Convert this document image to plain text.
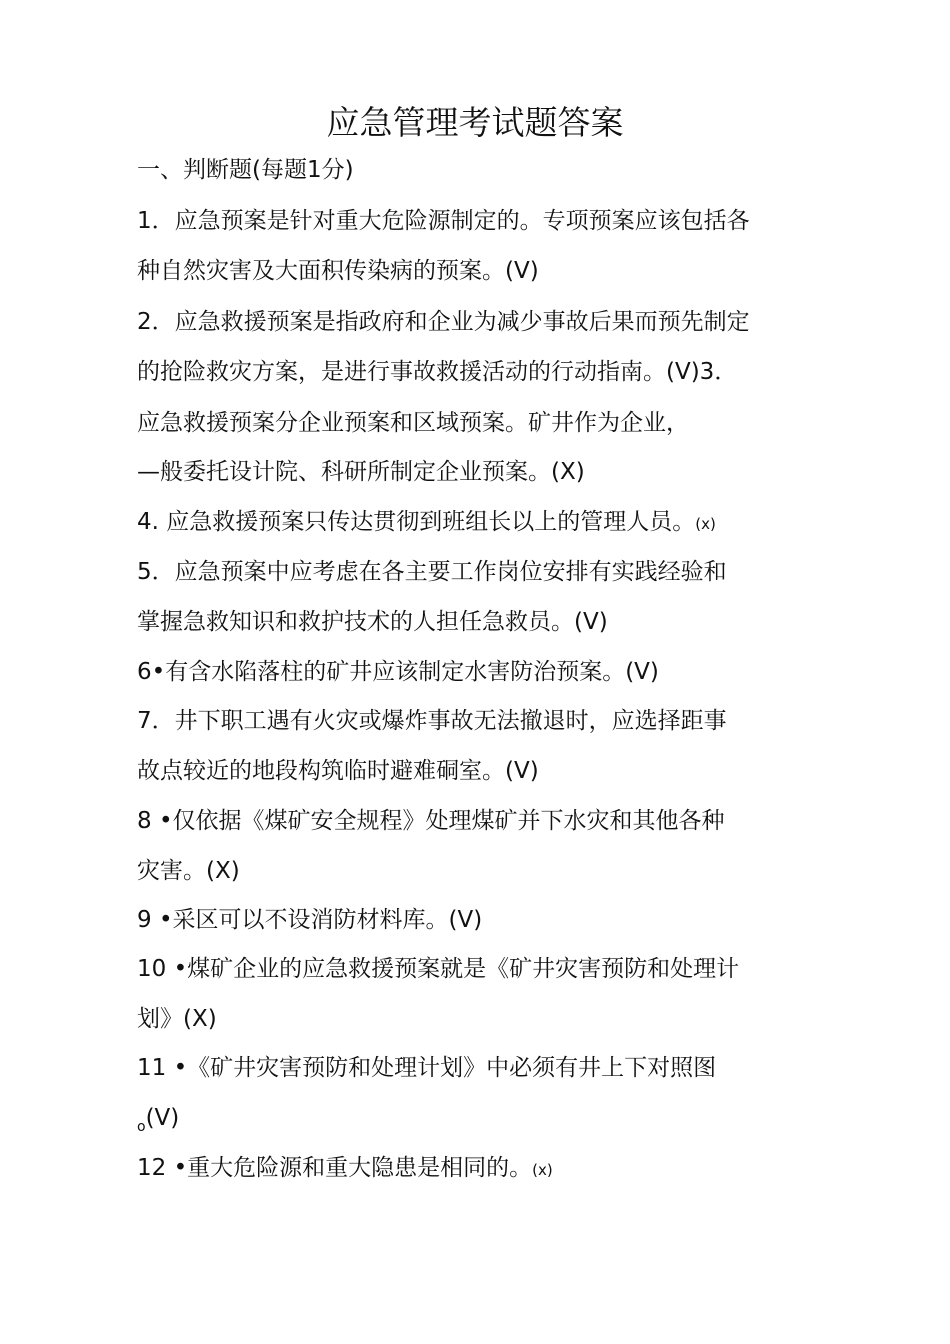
应急管理考试题答案

一、判断题(每题1分)

1．应急预案是针对重大危险源制定的。专项预案应该包括各

种自然灾害及大面积传染病的预案。(V)

2．应急救援预案是指政府和企业为减少事故后果而预先制定

的抢险救灾方案，是进行事故救援活动的行动指南。(V)3．

应急救援预案分企业预案和区域预案。矿井作为企业，

—般委托设计院、科研所制定企业预案。(X)

4. 应急救援预案只传达贯彻到班组长以上的管理人员。(x)

5．应急预案中应考虑在各主要工作岗位安排有实践经验和

掌握急救知识和救护技术的人担任急救员。(V)

6•有含水陷落柱的矿井应该制定水害防治预案。(V)

7．井下职工遇有火灾或爆炸事故无法撤退时，应选择距事

故点较近的地段构筑临时避难硐室。(V)

8 •仅依据《煤矿安全规程》处理煤矿并下水灾和其他各种

灾害。(X)

9 •采区可以不设消防材料库。(V)

10 •煤矿企业的应急救援预案就是《矿井灾害预防和处理计

划》(X)

11 •《矿井灾害预防和处理计划》中必须有井上下对照图

$_o$(V)

12 •重大危险源和重大隐患是相同的。(x)
